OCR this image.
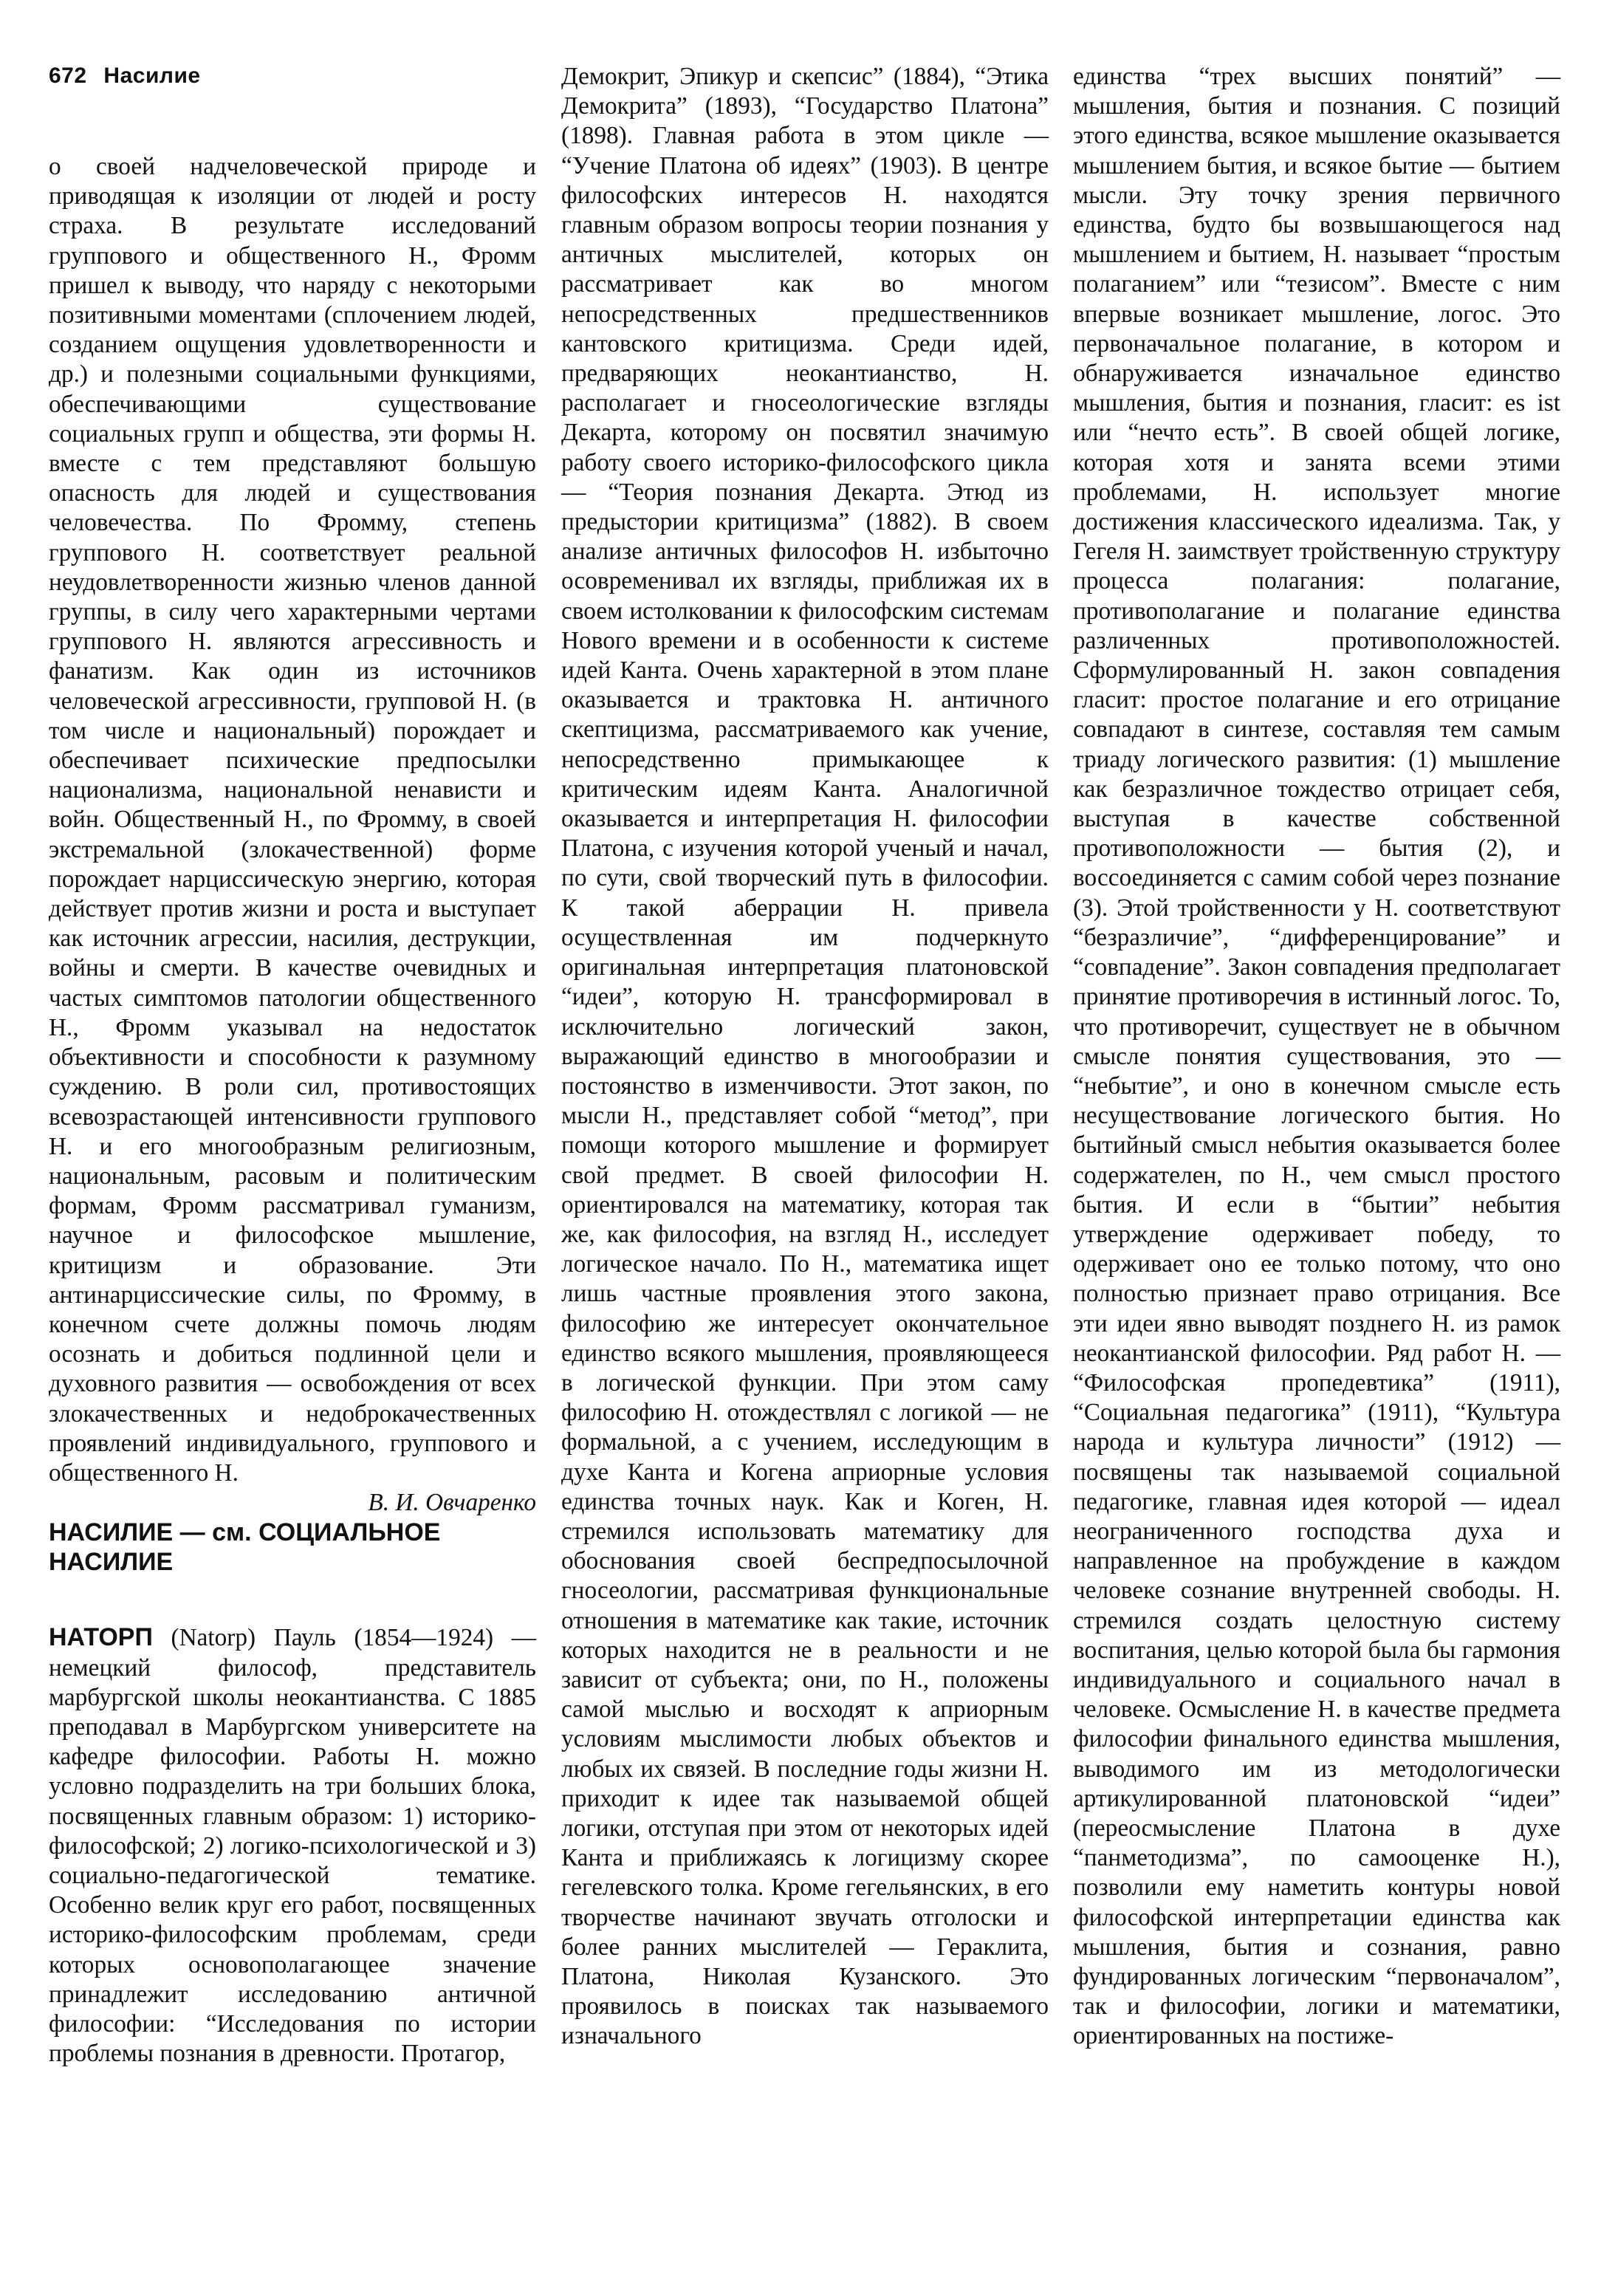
672 Насилие

о своей надчеловеческой природе и приводящая к изоляции от людей и росту страха. В результате исследований группового и общественного Н., Фромм пришел к выводу, что наряду с некоторыми позитивными моментами (сплочением людей, созданием ощущения удовлетворенности и др.) и полезными социальными функциями, обеспечивающими существование социальных групп и общества, эти формы Н. вместе с тем представляют большую опасность для людей и существования человечества. По Фромму, степень группового Н. соответствует реальной неудовлетворенности жизнью членов данной группы, в силу чего характерными чертами группового Н. являются агрессивность и фанатизм. Как один из источников человеческой агрессивности, групповой Н. (в том числе и национальный) порождает и обеспечивает психические предпосылки национализма, национальной ненависти и войн. Общественный Н., по Фромму, в своей экстремальной (злокачественной) форме порождает нарциссическую энергию, которая действует против жизни и роста и выступает как источник агрессии, насилия, деструкции, войны и смерти. В качестве очевидных и частых симптомов патологии общественного Н., Фромм указывал на недостаток объективности и способности к разумному суждению. В роли сил, противостоящих всевозрастающей интенсивности группового Н. и его многообразным религиозным, национальным, расовым и политическим формам, Фромм рассматривал гуманизм, научное и философское мышление, критицизм и образование. Эти антинарциссические силы, по Фромму, в конечном счете должны помочь людям осознать и добиться подлинной цели и духовного развития — освобождения от всех злокачественных и недоброкачественных проявлений индивидуального, группового и общественного Н.

В. И. Овчаренко

НАСИЛИЕ — см. СОЦИАЛЬНОЕ НАСИЛИЕ

НАТОРП (Natorp) Пауль (1854—1924) — немецкий философ, представитель марбургской школы неокантианства. С 1885 преподавал в Марбургском университете на кафедре философии. Работы Н. можно условно подразделить на три больших блока, посвященных главным образом: 1) историко-философской; 2) логико-психологической и 3) социально-педагогической тематике. Особенно велик круг его работ, посвященных историко-философским проблемам, среди которых основополагающее значение принадлежит исследованию античной философии: “Исследования по истории проблемы познания в древности. Протагор,

Демокрит, Эпикур и скепсис” (1884), “Этика Демокрита” (1893), “Государство Платона” (1898). Главная работа в этом цикле — “Учение Платона об идеях” (1903). В центре философских интересов Н. находятся главным образом вопросы теории познания у античных мыслителей, которых он рассматривает как во многом непосредственных предшественников кантовского критицизма. Среди идей, предваряющих неокантианство, Н. располагает и гносеологические взгляды Декарта, которому он посвятил значимую работу своего историко-философского цикла — “Теория познания Декарта. Этюд из предыстории критицизма” (1882). В своем анализе античных философов Н. избыточно осовременивал их взгляды, приближая их в своем истолковании к философским системам Нового времени и в особенности к системе идей Канта. Очень характерной в этом плане оказывается и трактовка Н. античного скептицизма, рассматриваемого как учение, непосредственно примыкающее к критическим идеям Канта. Аналогичной оказывается и интерпретация Н. философии Платона, с изучения которой ученый и начал, по сути, свой творческий путь в философии. К такой аберрации Н. привела осуществленная им подчеркнуто оригинальная интерпретация платоновской “идеи”, которую Н. трансформировал в исключительно логический закон, выражающий единство в многообразии и постоянство в изменчивости. Этот закон, по мысли Н., представляет собой “метод”, при помощи которого мышление и формирует свой предмет. В своей философии Н. ориентировался на математику, которая так же, как философия, на взгляд Н., исследует логическое начало. По Н., математика ищет лишь частные проявления этого закона, философию же интересует окончательное единство всякого мышления, проявляющееся в логической функции. При этом саму философию Н. отождествлял с логикой — не формальной, а с учением, исследующим в духе Канта и Когена априорные условия единства точных наук. Как и Коген, Н. стремился использовать математику для обоснования своей беспредпосылочной гносеологии, рассматривая функциональные отношения в математике как такие, источник которых находится не в реальности и не зависит от субъекта; они, по Н., положены самой мыслью и восходят к априорным условиям мыслимости любых объектов и любых их связей. В последние годы жизни Н. приходит к идее так называемой общей логики, отступая при этом от некоторых идей Канта и приближаясь к логицизму скорее гегелевского толка. Кроме гегельянских, в его творчестве начинают звучать отголоски и более ранних мыслителей — Гераклита, Платона, Николая Кузанского. Это проявилось в поисках так называемого изначального

единства “трех высших понятий” — мышления, бытия и познания. С позиций этого единства, всякое мышление оказывается мышлением бытия, и всякое бытие — бытием мысли. Эту точку зрения первичного единства, будто бы возвышающегося над мышлением и бытием, Н. называет “простым полаганием” или “тезисом”. Вместе с ним впервые возникает мышление, логос. Это первоначальное полагание, в котором и обнаруживается изначальное единство мышления, бытия и познания, гласит: es ist или “нечто есть”. В своей общей логике, которая хотя и занята всеми этими проблемами, Н. использует многие достижения классического идеализма. Так, у Гегеля Н. заимствует тройственную структуру процесса полагания: полагание, противополагание и полагание единства различенных противоположностей. Сформулированный Н. закон совпадения гласит: простое полагание и его отрицание совпадают в синтезе, составляя тем самым триаду логического развития: (1) мышление как безразличное тождество отрицает себя, выступая в качестве собственной противоположности — бытия (2), и воссоединяется с самим собой через познание (3). Этой тройственности у Н. соответствуют “безразличие”, “дифференцирование” и “совпадение”. Закон совпадения предполагает принятие противоречия в истинный логос. То, что противоречит, существует не в обычном смысле понятия существования, это — “небытие”, и оно в конечном смысле есть несуществование логического бытия. Но бытийный смысл небытия оказывается более содержателен, по Н., чем смысл простого бытия. И если в “бытии” небытия утверждение одерживает победу, то одерживает оно ее только потому, что оно полностью признает право отрицания. Все эти идеи явно выводят позднего Н. из рамок неокантианской философии. Ряд работ Н. — “Философская пропедевтика” (1911), “Социальная педагогика” (1911), “Культура народа и культура личности” (1912) — посвящены так называемой социальной педагогике, главная идея которой — идеал неограниченного господства духа и направленное на пробуждение в каждом человеке сознание внутренней свободы. Н. стремился создать целостную систему воспитания, целью которой была бы гармония индивидуального и социального начал в человеке. Осмысление Н. в качестве предмета философии финального единства мышления, выводимого им из методологически артикулированной платоновской “идеи” (переосмысление Платона в духе “панметодизма”, по самооценке Н.), позволили ему наметить контуры новой философской интерпретации единства как мышления, бытия и сознания, равно фундированных логическим “первоначалом”, так и философии, логики и математики, ориентированных на постиже-
